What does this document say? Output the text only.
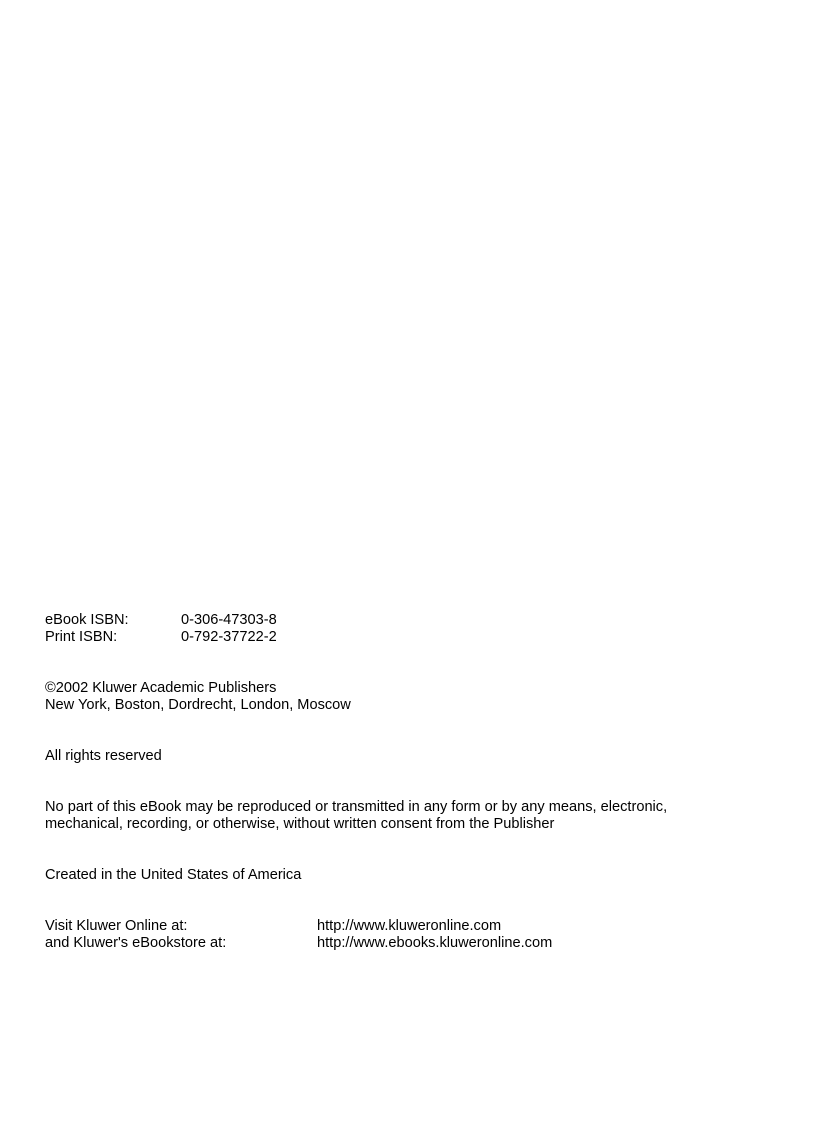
eBook ISBN:	0-306-47303-8
Print ISBN:	0-792-37722-2
©2002 Kluwer Academic Publishers
New York, Boston, Dordrecht, London, Moscow
All rights reserved
No part of this eBook may be reproduced or transmitted in any form or by any means, electronic,
mechanical, recording, or otherwise, without written consent from the Publisher
Created in the United States of America
Visit Kluwer Online at:	http://www.kluweronline.com
and Kluwer's eBookstore at:	http://www.ebooks.kluweronline.com
